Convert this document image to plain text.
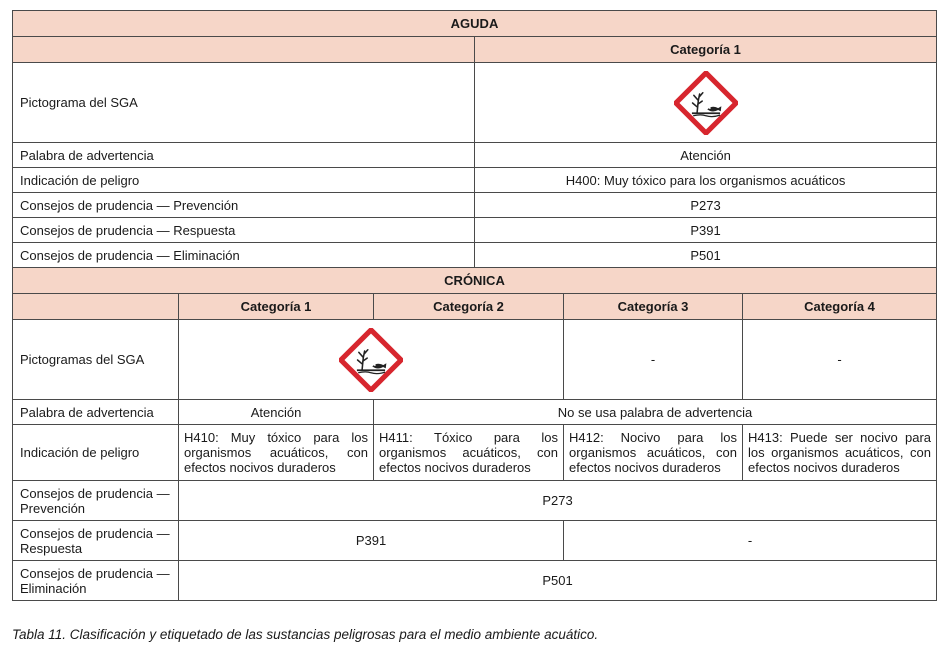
AGUDA					
			Categoría 1		
Pictograma del SGA	

Palabra de advertencia			Atención		
Indicación de peligro			H400: Muy tóxico para los organismos acuáticos		
Consejos de prudencia — Prevención			P273		
Consejos de prudencia — Respuesta			P391		
Consejos de prudencia — Eliminación			P501		
CRÓNICA					
	Categoría 1	Categoría 2		Categoría 3	Categoría 4
Pictogramas del SGA				-	-
Palabra de advertencia	Atención	No se usa palabra de advertencia			
Indicación de peligro	H410: Muy tóxico para los organismos acuáticos, con efectos nocivos duraderos	H411: Tóxico para los organismos acuáticos, con efectos nocivos duraderos		H412: Nocivo para los organismos acuáticos, con efectos nocivos duraderos	H413: Puede ser nocivo para los organismos acuáticos, con efectos nocivos duraderos
Consejos de prudencia — Prevención	P273				
Consejos de prudencia — Respuesta	P391			-	
Consejos de prudencia — Eliminación	P501				
Tabla 11. Clasificación y etiquetado de las sustancias peligrosas para el medio ambiente acuático.
